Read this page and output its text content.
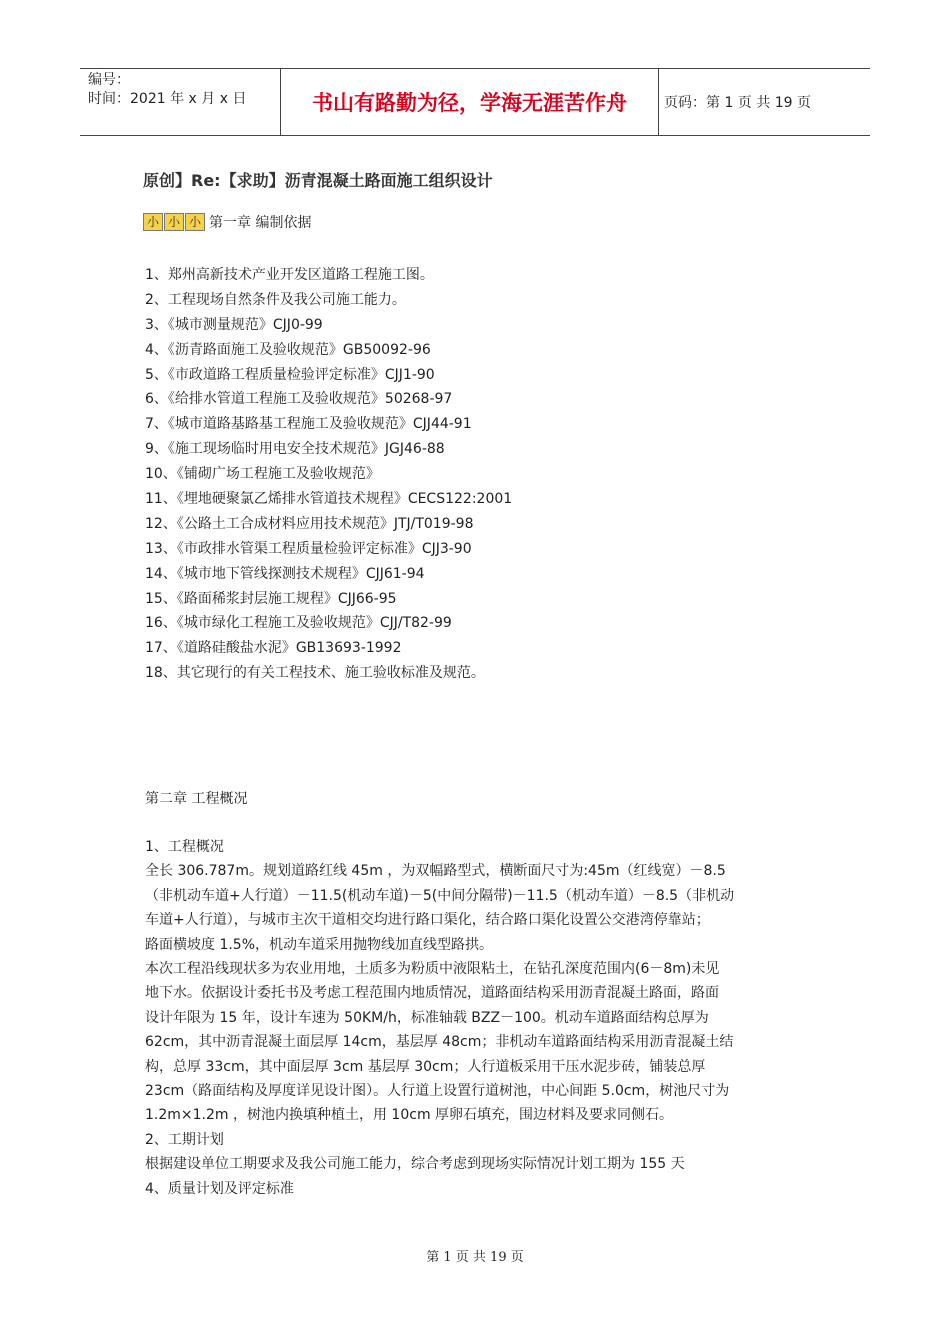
编号：
时间：2021 年 x 月 x 日	书山有路勤为径，学海无涯苦作舟	页码：第 1 页 共 19 页
原创】Re:【求助】沥青混凝土路面施工组织设计
小 小 小 第一章 编制依据
1、郑州高新技术产业开发区道路工程施工图。
2、工程现场自然条件及我公司施工能力。
3、《城市测量规范》CJJ0-99
4、《沥青路面施工及验收规范》GB50092-96
5、《市政道路工程质量检验评定标准》CJJ1-90
6、《给排水管道工程施工及验收规范》50268-97
7、《城市道路基路基工程施工及验收规范》CJJ44-91
9、《施工现场临时用电安全技术规范》JGJ46-88
10、《铺砌广场工程施工及验收规范》
11、《埋地硬聚氯乙烯排水管道技术规程》CECS122:2001
12、《公路土工合成材料应用技术规范》JTJ/T019-98
13、《市政排水管渠工程质量检验评定标准》CJJ3-90
14、《城市地下管线探测技术规程》CJJ61-94
15、《路面稀浆封层施工规程》CJJ66-95
16、《城市绿化工程施工及验收规范》CJJ/T82-99
17、《道路硅酸盐水泥》GB13693-1992
18、其它现行的有关工程技术、施工验收标准及规范。
第二章 工程概况

1、工程概况

全长 306.787m。规划道路红线 45m ，为双幅路型式，横断面尺寸为:45m（红线宽）－8.5

（非机动车道+人行道）－11.5(机动车道)－5(中间分隔带)－11.5（机动车道）－8.5（非机动

车道+人行道），与城市主次干道相交均进行路口渠化，结合路口渠化设置公交港湾停靠站；

路面横坡度 1.5%，机动车道采用抛物线加直线型路拱。

本次工程沿线现状多为农业用地，土质多为粉质中液限粘土，在钻孔深度范围内(6－8m)未见

地下水。依据设计委托书及考虑工程范围内地质情况，道路面结构采用沥青混凝土路面，路面

设计年限为 15 年，设计车速为 50KM/h，标准轴载 BZZ－100。机动车道路面结构总厚为

62cm，其中沥青混凝土面层厚 14cm，基层厚 48cm；非机动车道路面结构采用沥青混凝土结

构，总厚 33cm，其中面层厚 3cm 基层厚 30cm；人行道板采用干压水泥步砖，铺装总厚

23cm（路面结构及厚度详见设计图）。人行道上设置行道树池，中心间距 5.0cm，树池尺寸为

1.2m×1.2m ，树池内换填种植土，用 10cm 厚卵石填充，围边材料及要求同侧石。

2、工期计划

根据建设单位工期要求及我公司施工能力，综合考虑到现场实际情况计划工期为 155 天

4、质量计划及评定标准

第 1 页 共 19 页
